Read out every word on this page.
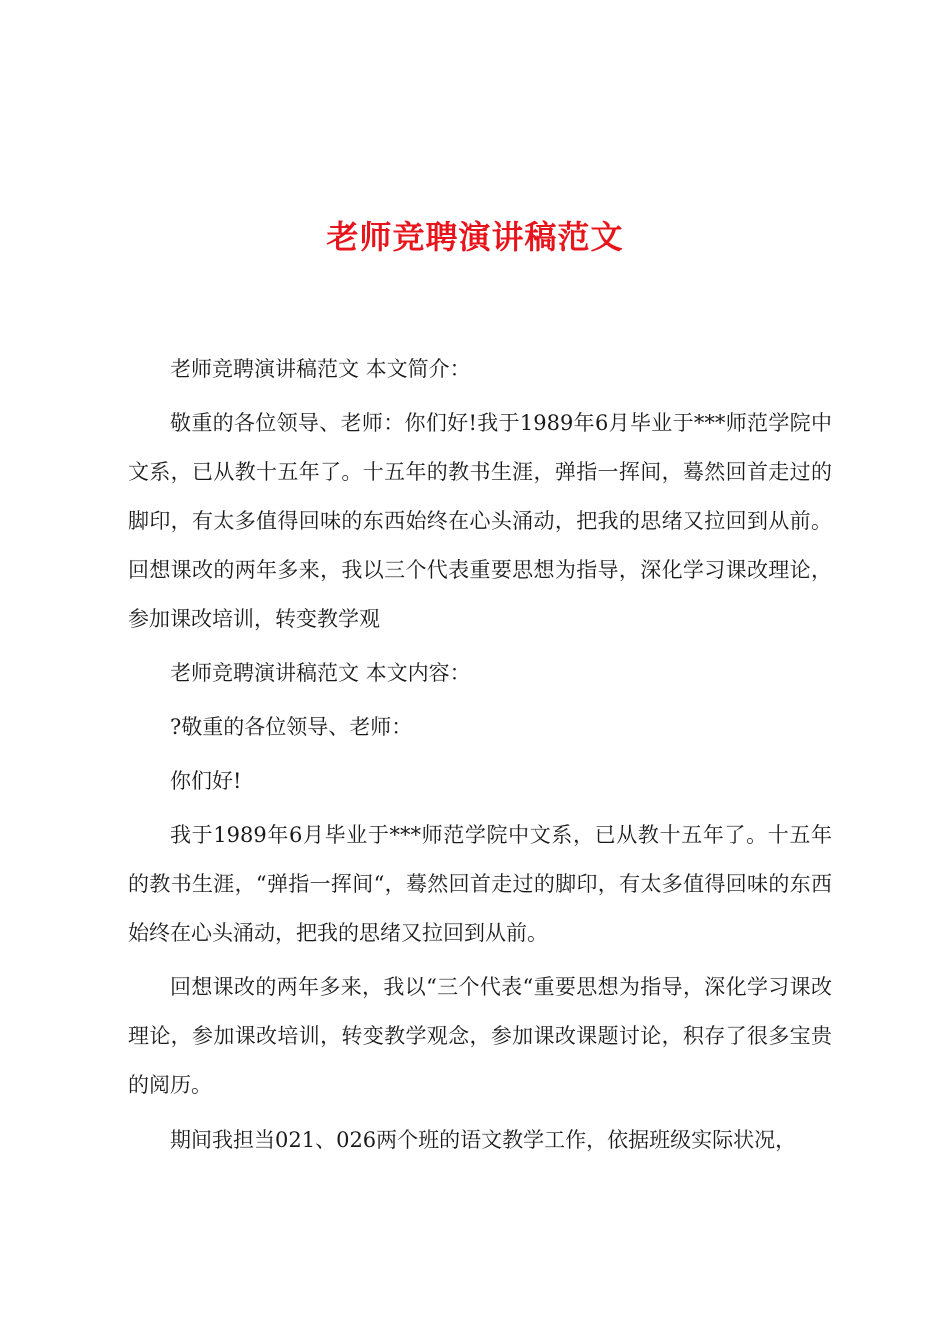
老师竞聘演讲稿范文

老师竞聘演讲稿范文 本文简介：

敬重的各位领导、老师：你们好!我于1989年6月毕业于***师范学院中文系，已从教十五年了。十五年的教书生涯，弹指一挥间，蓦然回首走过的脚印，有太多值得回味的东西始终在心头涌动，把我的思绪又拉回到从前。回想课改的两年多来，我以三个代表重要思想为指导，深化学习课改理论，参加课改培训，转变教学观

老师竞聘演讲稿范文 本文内容：

?敬重的各位领导、老师：

你们好!

我于1989年6月毕业于***师范学院中文系，已从教十五年了。十五年的教书生涯，“弹指一挥间“，蓦然回首走过的脚印，有太多值得回味的东西始终在心头涌动，把我的思绪又拉回到从前。

回想课改的两年多来，我以“三个代表“重要思想为指导，深化学习课改理论，参加课改培训，转变教学观念，参加课改课题讨论，积存了很多宝贵的阅历。

期间我担当021、026两个班的语文教学工作，依据班级实际状况，
